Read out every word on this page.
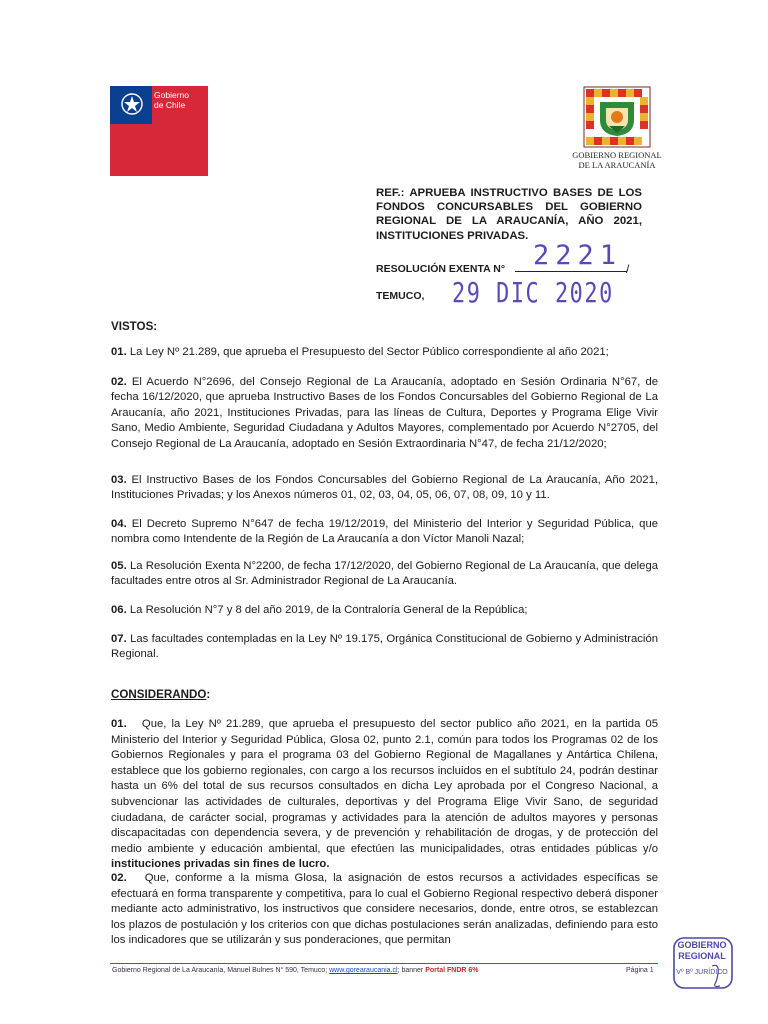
Gobierno
de Chile
GOBIERNO REGIONAL
DE LA ARAUCANÍA
REF.: APRUEBA INSTRUCTIVO BASES DE LOS FONDOS CONCURSABLES DEL GOBIERNO REGIONAL DE LA ARAUCANÍA, AÑO 2021, INSTITUCIONES PRIVADAS.
RESOLUCIÓN EXENTA N° 2221 /
TEMUCO, 29 DIC 2020
VISTOS:
01. La Ley Nº 21.289, que aprueba el Presupuesto del Sector Público correspondiente al año 2021;
02. El Acuerdo N°2696, del Consejo Regional de La Araucanía, adoptado en Sesión Ordinaria N°67, de fecha 16/12/2020, que aprueba Instructivo Bases de los Fondos Concursables del Gobierno Regional de La Araucanía, año 2021, Instituciones Privadas, para las líneas de Cultura, Deportes y Programa Elige Vivir Sano, Medio Ambiente, Seguridad Ciudadana y Adultos Mayores, complementado por Acuerdo N°2705, del Consejo Regional de La Araucanía, adoptado en Sesión Extraordinaria N°47, de fecha 21/12/2020;
03. El Instructivo Bases de los Fondos Concursables del Gobierno Regional de La Araucanía, Año 2021, Instituciones Privadas; y los Anexos números 01, 02, 03, 04, 05, 06, 07, 08, 09, 10 y 11.
04. El Decreto Supremo N°647 de fecha 19/12/2019, del Ministerio del Interior y Seguridad Pública, que nombra como Intendente de la Región de La Araucanía a don Víctor Manoli Nazal;
05. La Resolución Exenta N°2200, de fecha 17/12/2020, del Gobierno Regional de La Araucanía, que delega facultades entre otros al Sr. Administrador Regional de La Araucanía.
06. La Resolución N°7 y 8 del año 2019, de la Contraloría General de la República;
07. Las facultades contempladas en la Ley Nº 19.175, Orgánica Constitucional de Gobierno y Administración Regional.
CONSIDERANDO:
01. Que, la Ley Nº 21.289, que aprueba el presupuesto del sector publico año 2021, en la partida 05 Ministerio del Interior y Seguridad Pública, Glosa 02, punto 2.1, común para todos los Programas 02 de los Gobiernos Regionales y para el programa 03 del Gobierno Regional de Magallanes y Antártica Chilena, establece que los gobierno regionales, con cargo a los recursos incluidos en el subtítulo 24, podrán destinar hasta un 6% del total de sus recursos consultados en dicha Ley aprobada por el Congreso Nacional, a subvencionar las actividades de culturales, deportivas y del Programa Elige Vivir Sano, de seguridad ciudadana, de carácter social, programas y actividades para la atención de adultos mayores y personas discapacitadas con dependencia severa, y de prevención y rehabilitación de drogas, y de protección del medio ambiente y educación ambiental, que efectúen las municipalidades, otras entidades públicas y/o instituciones privadas sin fines de lucro.
02. Que, conforme a la misma Glosa, la asignación de estos recursos a actividades específicas se efectuará en forma transparente y competitiva, para lo cual el Gobierno Regional respectivo deberá disponer mediante acto administrativo, los instructivos que considere necesarios, donde, entre otros, se establezcan los plazos de postulación y los criterios con que dichas postulaciones serán analizadas, definiendo para esto los indicadores que se utilizarán y sus ponderaciones, que permitan
Gobierno Regional de La Araucanía, Manuel Bulnes N° 590, Temuco; www.gorearaucania.cl; banner Portal FNDR 6%	Página 1
GOBIERNO
REGIONAL
Vº Bº JURÍDICO
